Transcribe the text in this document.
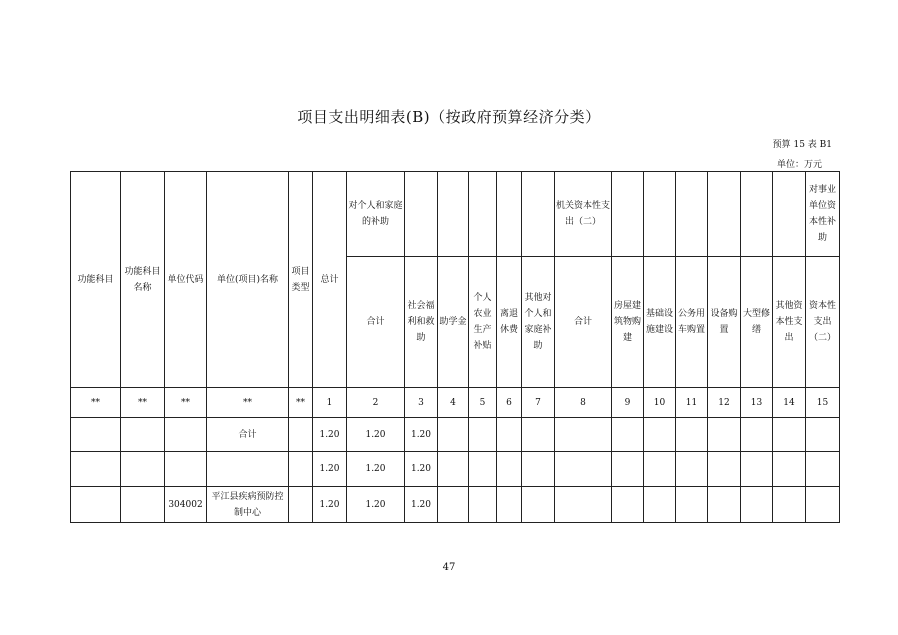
项目支出明细表(B)（按政府预算经济分类）
预算 15 表 B1
单位：万元
功能科目	功能科目名称	单位代码	单位(项目)名称	项目类型	总计	对个人和家庭的补助						机关资本性支出（二）							对事业单位资本性补助
						合计	社会福利和救助	助学金	个人农业生产补贴	离退休费	其他对个人和家庭补助	合计	房屋建筑物购建	基础设施建设	公务用车购置	设备购置	大型修缮	其他资本性支出	资本性支出（二）
**	**	**	**	**	1	2	3	4	5	6	7	8	9	10	11	12	13	14	15
			合计		1.20	1.20	1.20												
					1.20	1.20	1.20												
		304002	平江县疾病预防控制中心		1.20	1.20	1.20												
47
